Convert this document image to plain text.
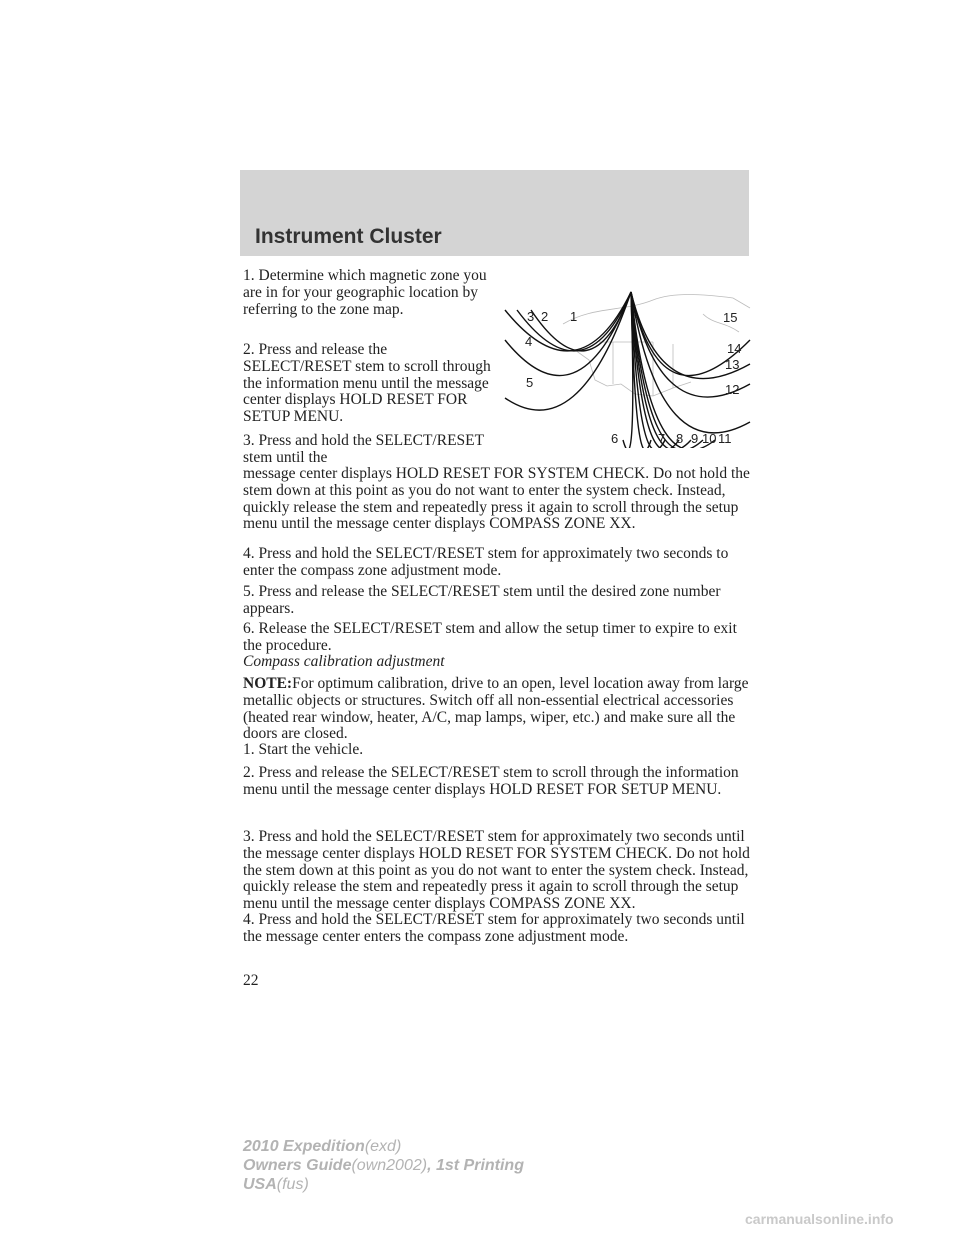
Instrument Cluster

1. Determine which magnetic zone you are in for your geographic location by referring to the zone map.

2. Press and release the SELECT/RESET stem to scroll through the information menu until the message center displays HOLD RESET FOR SETUP MENU.

3. Press and hold the SELECT/RESET stem until the

message center displays HOLD RESET FOR SYSTEM CHECK. Do not hold the stem down at this point as you do not want to enter the system check. Instead, quickly release the stem and repeatedly press it again to scroll through the setup menu until the message center displays COMPASS ZONE XX.

4. Press and hold the SELECT/RESET stem for approximately two seconds to enter the compass zone adjustment mode.

5. Press and release the SELECT/RESET stem until the desired zone number appears.

6. Release the SELECT/RESET stem and allow the setup timer to expire to exit the procedure.

Compass calibration adjustment

NOTE:For optimum calibration, drive to an open, level location away from large metallic objects or structures. Switch off all non-essential electrical accessories (heated rear window, heater, A/C, map lamps, wiper, etc.) and make sure all the doors are closed.

1. Start the vehicle.

2. Press and release the SELECT/RESET stem to scroll through the information menu until the message center displays HOLD RESET FOR SETUP MENU.

3. Press and hold the SELECT/RESET stem for approximately two seconds until the message center displays HOLD RESET FOR SYSTEM CHECK. Do not hold the stem down at this point as you do not want to enter the system check. Instead, quickly release the stem and repeatedly press it again to scroll through the setup menu until the message center displays COMPASS ZONE XX.

4. Press and hold the SELECT/RESET stem for approximately two seconds until the message center enters the compass zone adjustment mode.

22
1
2
3
4
5
6	7 8 9 10 11
12
13
14
15
2010 Expedition(exd)
Owners Guide(own2002), 1st Printing
USA(fus)
carmanualsonline.info
